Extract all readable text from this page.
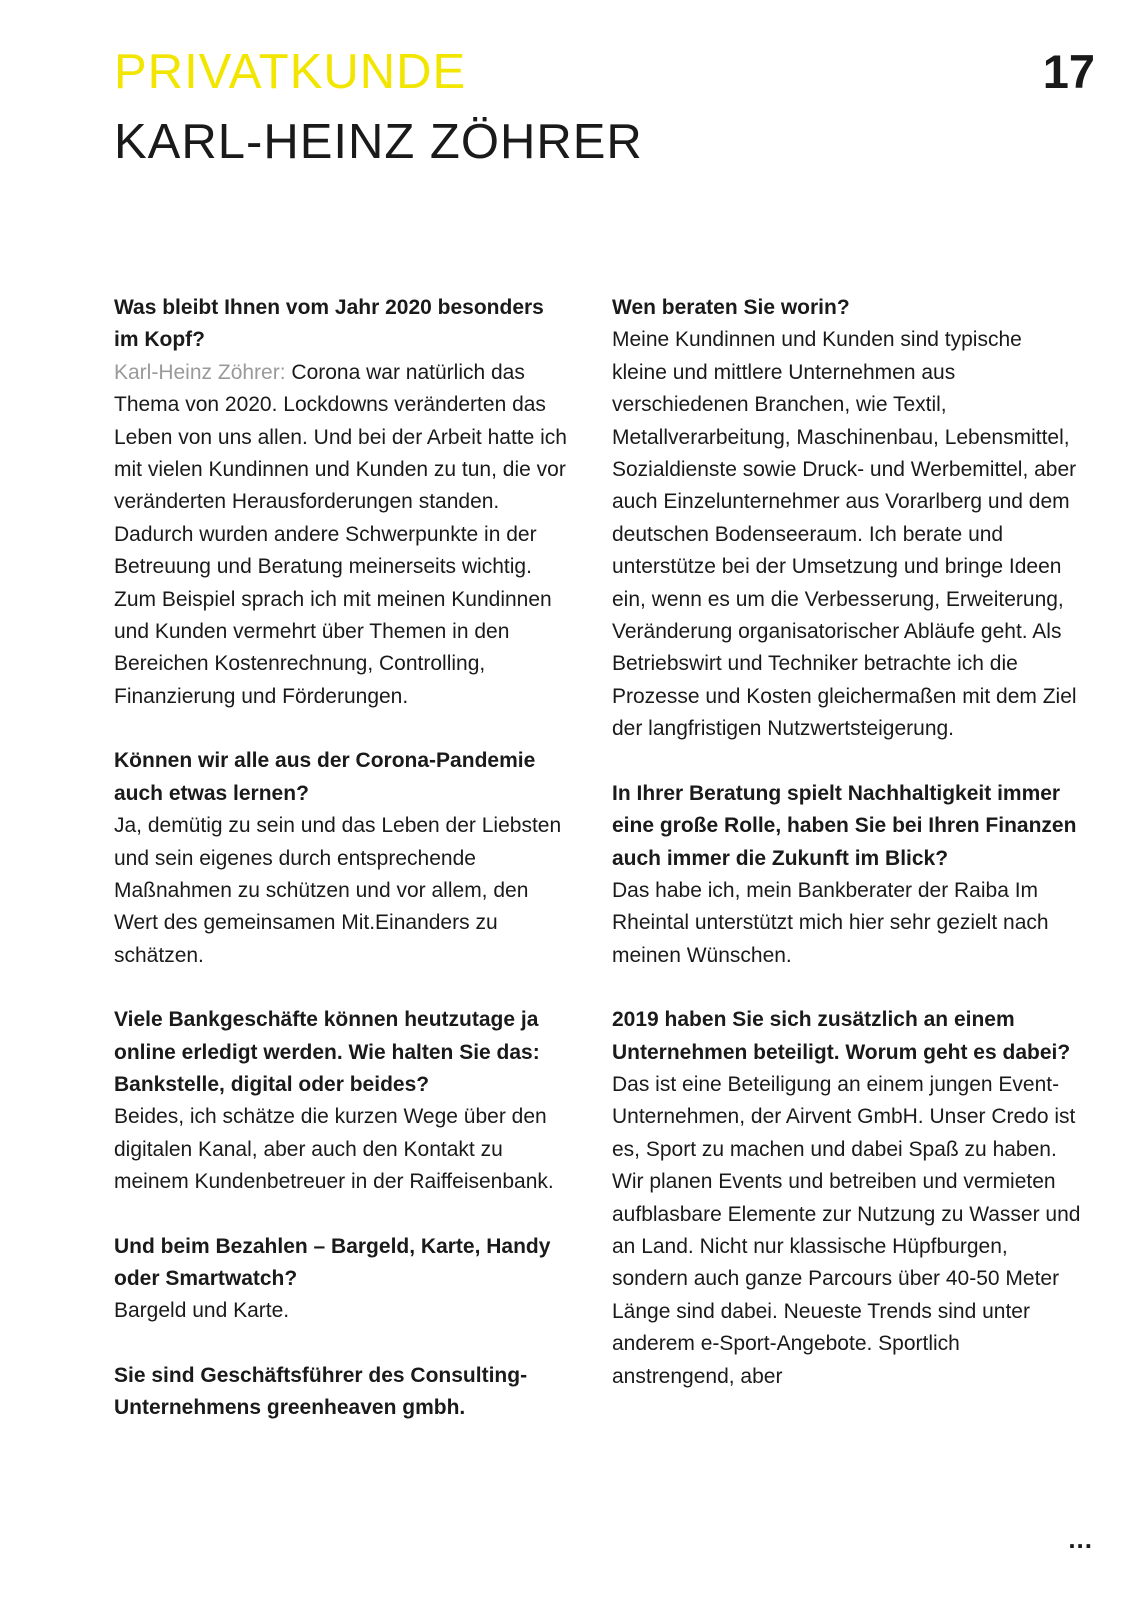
PRIVATKUNDE
KARL-HEINZ ZÖHRER
17
Was bleibt Ihnen vom Jahr 2020 besonders im Kopf?
Karl-Heinz Zöhrer: Corona war natürlich das Thema von 2020. Lockdowns veränderten das Leben von uns allen. Und bei der Arbeit hatte ich mit vielen Kundinnen und Kunden zu tun, die vor veränderten Herausforderungen standen. Dadurch wurden andere Schwerpunkte in der Betreuung und Beratung meinerseits wichtig. Zum Beispiel sprach ich mit meinen Kundinnen und Kunden vermehrt über Themen in den Bereichen Kostenrechnung, Controlling, Finanzierung und Förderungen.
Können wir alle aus der Corona-Pandemie auch etwas lernen?
Ja, demütig zu sein und das Leben der Liebsten und sein eigenes durch entsprechende Maßnahmen zu schützen und vor allem, den Wert des gemeinsamen Mit.Einanders zu schätzen.
Viele Bankgeschäfte können heutzutage ja online erledigt werden. Wie halten Sie das: Bankstelle, digital oder beides?
Beides, ich schätze die kurzen Wege über den digitalen Kanal, aber auch den Kontakt zu meinem Kundenbetreuer in der Raiffeisenbank.
Und beim Bezahlen – Bargeld, Karte, Handy oder Smartwatch?
Bargeld und Karte.
Sie sind Geschäftsführer des Consulting-Unternehmens greenheaven gmbh.
Wen beraten Sie worin?
Meine Kundinnen und Kunden sind typische kleine und mittlere Unternehmen aus verschiedenen Branchen, wie Textil, Metallverarbeitung, Maschinenbau, Lebensmittel, Sozialdienste sowie Druck- und Werbemittel, aber auch Einzelunternehmer aus Vorarlberg und dem deutschen Bodenseeraum. Ich berate und unterstütze bei der Umsetzung und bringe Ideen ein, wenn es um die Verbesserung, Erweiterung, Veränderung organisatorischer Abläufe geht. Als Betriebswirt und Techniker betrachte ich die Prozesse und Kosten gleichermaßen mit dem Ziel der langfristigen Nutzwertsteigerung.
In Ihrer Beratung spielt Nachhaltigkeit immer eine große Rolle, haben Sie bei Ihren Finanzen auch immer die Zukunft im Blick?
Das habe ich, mein Bankberater der Raiba Im Rheintal unterstützt mich hier sehr gezielt nach meinen Wünschen.
2019 haben Sie sich zusätzlich an einem Unternehmen beteiligt. Worum geht es dabei?
Das ist eine Beteiligung an einem jungen Event-Unternehmen, der Airvent GmbH. Unser Credo ist es, Sport zu machen und dabei Spaß zu haben. Wir planen Events und betreiben und vermieten aufblasbare Elemente zur Nutzung zu Wasser und an Land. Nicht nur klassische Hüpfburgen, sondern auch ganze Parcours über 40-50 Meter Länge sind dabei. Neueste Trends sind unter anderem e-Sport-Angebote. Sportlich anstrengend, aber
...
